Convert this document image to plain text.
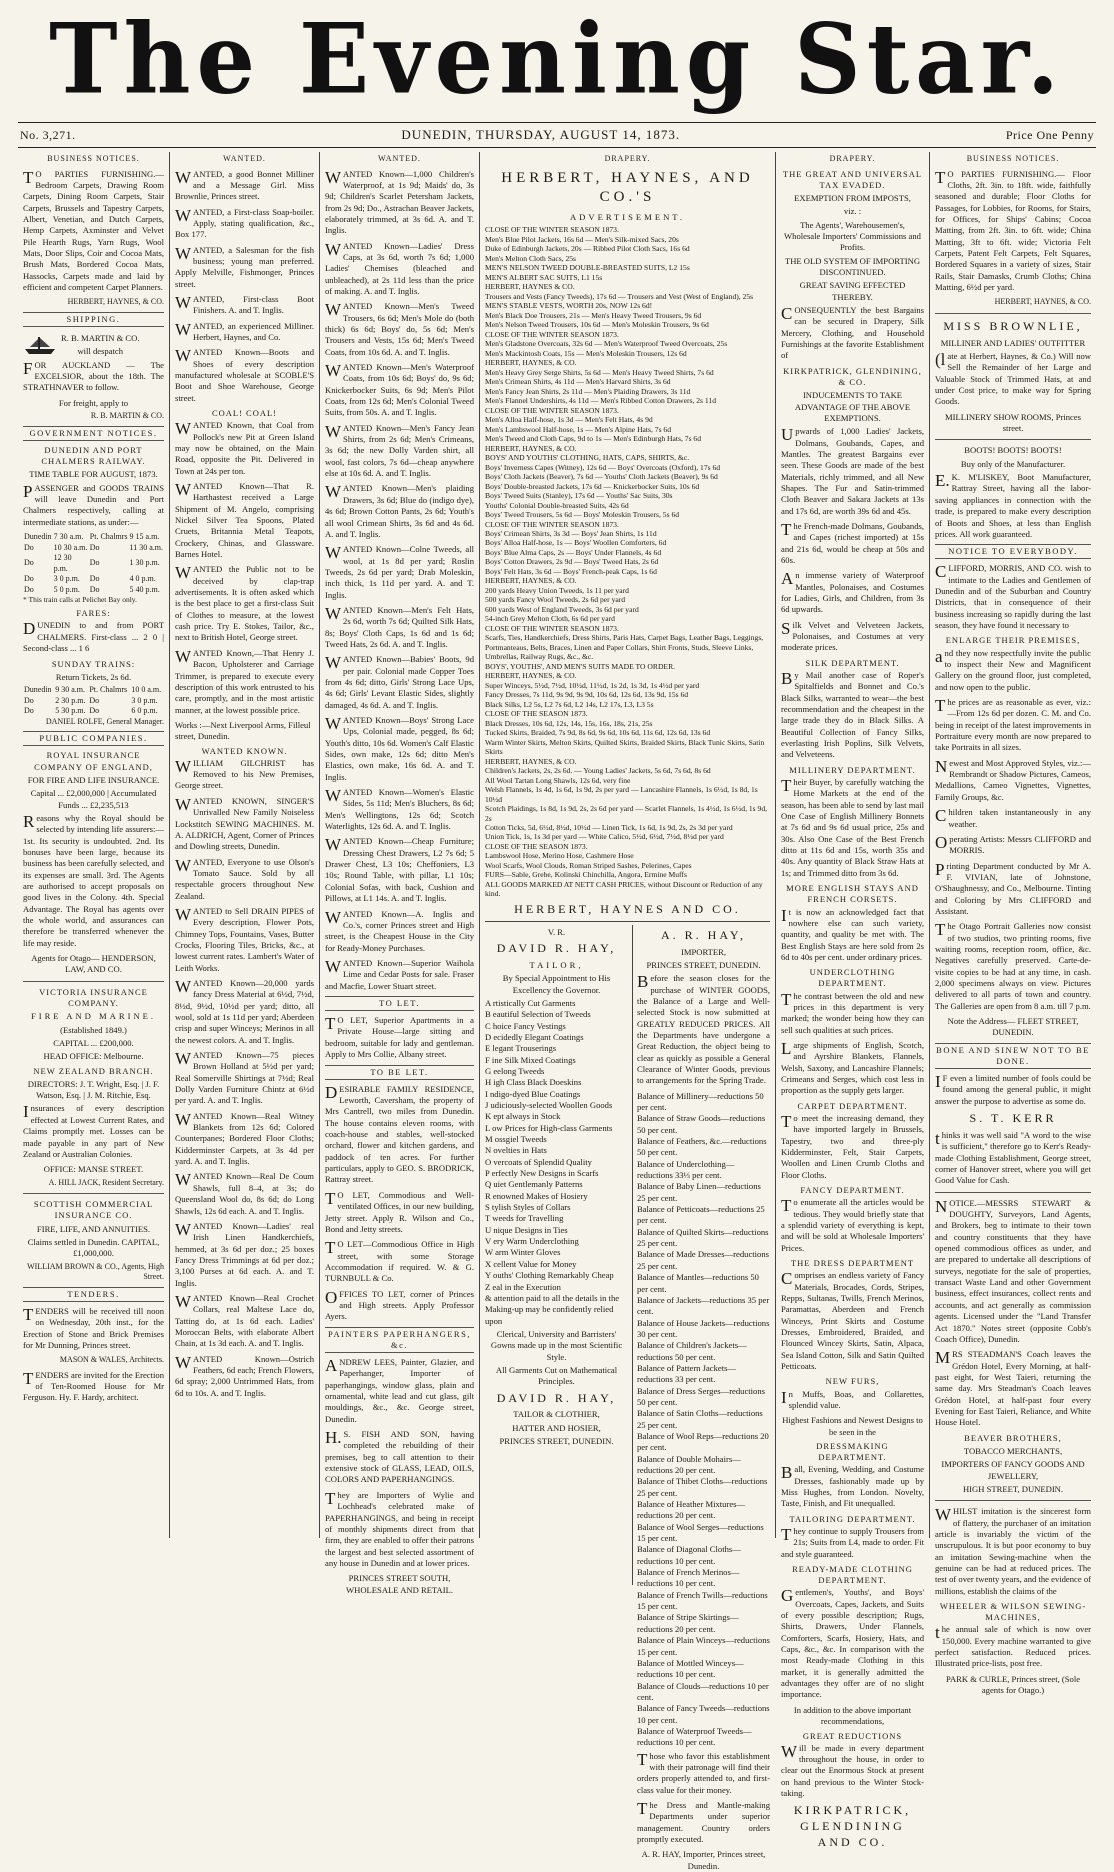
The Evening Star.
No. 3,271.	DUNEDIN, THURSDAY, AUGUST 14, 1873.	Price One Penny
BUSINESS NOTICES.

TO PARTIES FURNISHING.— Bedroom Carpets, Drawing Room Carpets, Dining Room Carpets, Stair Carpets, Brussels and Tapestry Carpets, Albert, Venetian, and Dutch Carpets, Hemp Carpets, Axminster and Velvet Pile Hearth Rugs, Yarn Rugs, Wool Mats, Door Slips, Coir and Cocoa Mats, Brush Mats, Bordered Cocoa Mats, Hassocks, Carpets made and laid by efficient and competent Carpet Planners.

HERBERT, HAYNES, & CO.
SHIPPING.
R. B. MARTIN & CO.
will despatch

FOR AUCKLAND — The EXCELSIOR, about the 18th. The STRATHNAVER to follow.

For freight, apply to
R. B. MARTIN & CO.
GOVERNMENT NOTICES.
DUNEDIN AND PORT CHALMERS RAILWAY.
TIME TABLE FOR AUGUST, 1873.

PASSENGER and GOODS TRAINS will leave Dunedin and Port Chalmers respectively, calling at intermediate stations, as under:—

Dunedin	7 30 a.m.	Pt. Chalmrs	9 15 a.m.
Do	10 30 a.m.	Do	11 30 a.m.
Do	12 30 p.m.	Do	1 30 p.m.
Do	3 0 p.m.	Do	4 0 p.m.
Do	5 0 p.m.	Do	5 40 p.m.
* This train calls at Pelichet Bay only.
FARES:

DUNEDIN to and from PORT CHALMERS. First-class ... 2 0 | Second-class ... 1 6

SUNDAY TRAINS:
Return Tickets, 2s 6d.
Dunedin	9 30 a.m.	Pt. Chalmrs	10 0 a.m.
Do	2 30 p.m.	Do	3 0 p.m.
Do	5 30 p.m.	Do	6 0 p.m.
DANIEL ROLFE, General Manager.
PUBLIC COMPANIES.
ROYAL INSURANCE COMPANY OF ENGLAND,
FOR FIRE AND LIFE INSURANCE.
Capital ... £2,000,000 | Accumulated Funds ... £2,235,513

Reasons why the Royal should be selected by intending life assurers:— 1st. Its security is undoubted. 2nd. Its bonuses have been large, because its business has been carefully selected, and its expenses are small. 3rd. The Agents are authorised to accept proposals on good lives in the Colony. 4th. Special Advantage. The Royal has agents over the whole world, and assurances can therefore be transferred whenever the life may reside.

Agents for Otago— HENDERSON, LAW, AND CO.
VICTORIA INSURANCE COMPANY.
FIRE AND MARINE.
(Established 1849.)
CAPITAL ... £200,000.
HEAD OFFICE: Melbourne.
NEW ZEALAND BRANCH.
DIRECTORS: J. T. Wright, Esq. | J. F. Watson, Esq. | J. M. Ritchie, Esq.

Insurances of every description effected at Lowest Current Rates, and Claims promptly met. Losses can be made payable in any part of New Zealand or Australian Colonies.

OFFICE: MANSE STREET.
A. HILL JACK, Resident Secretary.
SCOTTISH COMMERCIAL INSURANCE CO.
FIRE, LIFE, AND ANNUITIES.
Claims settled in Dunedin. CAPITAL, £1,000,000.
WILLIAM BROWN & CO., Agents, High Street.
TENDERS.

TENDERS will be received till noon on Wednesday, 20th inst., for the Erection of Stone and Brick Premises for Mr Dunning, Princes street.

MASON & WALES, Architects.

TENDERS are invited for the Erection of Ten-Roomed House for Mr Ferguson. Hy. F. Hardy, architect.

WANTED.

WANTED, a good Bonnet Milliner and a Message Girl. Miss Brownlie, Princes street.

WANTED, a First-class Soap-boiler. Apply, stating qualification, &c., Box 177.

WANTED, a Salesman for the fish business; young man preferred. Apply Melville, Fishmonger, Princes street.

WANTED, First-class Boot Finishers. A. and T. Inglis.

WANTED, an experienced Milliner. Herbert, Haynes, and Co.

WANTED Known—Boots and Shoes of every description manufactured wholesale at SCOBLE'S Boot and Shoe Warehouse, George street.

COAL! COAL!

WANTED Known, that Coal from Pollock's new Pit at Green Island may now be obtained, on the Main Road, opposite the Pit. Delivered in Town at 24s per ton.

WANTED Known—That R. Harthastest received a Large Shipment of M. Angelo, comprising Nickel Silver Tea Spoons, Plated Cruets, Britannia Metal Teapots, Crockery, Chinas, and Glassware. Barnes Hotel.

WANTED the Public not to be deceived by clap-trap advertisements. It is often asked which is the best place to get a first-class Suit of Clothes to measure, at the lowest cash price. Try E. Stokes, Tailor, &c., next to British Hotel, George street.

WANTED Known,—That Henry J. Bacon, Upholsterer and Carriage Trimmer, is prepared to execute every description of this work entrusted to his care, promptly, and in the most artistic manner, at the lowest possible price.

Works :—Next Liverpool Arms, Filleul street, Dunedin.
WANTED KNOWN.

WILLIAM GILCHRIST has Removed to his New Premises, George street.

WANTED KNOWN, SINGER'S Unrivalled New Family Noiseless Lockstitch SEWING MACHINES. M. A. ALDRICH, Agent, Corner of Princes and Dowling streets, Dunedin.

WANTED, Everyone to use Olson's Tomato Sauce. Sold by all respectable grocers throughout New Zealand.

WANTED to Sell DRAIN PIPES of Every description, Flower Pots, Chimney Tops, Fountains, Vases, Butter Crocks, Flooring Tiles, Bricks, &c., at lowest current rates. Lambert's Water of Leith Works.

WANTED Known—20,000 yards fancy Dress Material at 6½d, 7½d, 8½d, 9½d, 10½d per yard; ditto, all wool, sold at 1s 11d per yard; Aberdeen crisp and super Winceys; Merinos in all the newest colors. A. and T. Inglis.

WANTED Known—75 pieces Brown Holland at 5½d per yard; Real Somerville Shirtings at 7½d; Real Dolly Varden Furniture Chintz at 6½d per yard. A. and T. Inglis.

WANTED Known—Real Witney Blankets from 12s 6d; Colored Counterpanes; Bordered Floor Cloths; Kidderminster Carpets, at 3s 4d per yard. A. and T. Inglis.

WANTED Known—Real De Coum Shawls, full 8–4, at 3s; do Queensland Wool do, 8s 6d; do Long Shawls, 12s 6d each. A. and T. Inglis.

WANTED Known—Ladies' real Irish Linen Handkerchiefs, hemmed, at 3s 6d per doz.; 25 boxes Fancy Dress Trimmings at 6d per doz.; 3,100 Purses at 6d each. A. and T. Inglis.

WANTED Known—Real Crochet Collars, real Maltese Lace do, Tatting do, at 1s 6d each. Ladies' Moroccan Belts, with elaborate Albert Chain, at 1s 3d each. A. and T. Inglis.

WANTED Known—Ostrich Feathers, 6d each; French Flowers, 6d spray; 2,000 Untrimmed Hats, from 6d to 10s. A. and T. Inglis.

WANTED.

WANTED Known—1,000 Children's Waterproof, at 1s 9d; Maids' do, 3s 9d; Children's Scarlet Petersham Jackets, from 2s 9d; Do., Astrachan Beaver Jackets, elaborately trimmed, at 3s 6d. A. and T. Inglis.

WANTED Known—Ladies' Dress Caps, at 3s 6d, worth 7s 6d; 1,000 Ladies' Chemises (bleached and unbleached), at 2s 11d less than the price of making. A. and T. Inglis.

WANTED Known—Men's Tweed Trousers, 6s 6d; Men's Mole do (both thick) 6s 6d; Boys' do, 5s 6d; Men's Trousers and Vests, 15s 6d; Men's Tweed Coats, from 10s 6d. A. and T. Inglis.

WANTED Known—Men's Waterproof Coats, from 10s 6d; Boys' do, 9s 6d; Knickerbocker Suits, 6s 9d; Men's Pilot Coats, from 12s 6d; Men's Colonial Tweed Suits, from 50s. A. and T. Inglis.

WANTED Known—Men's Fancy Jean Shirts, from 2s 6d; Men's Crimeans, 3s 6d; the new Dolly Varden shirt, all wool, fast colors, 7s 6d—cheap anywhere else at 10s 6d. A. and T. Inglis.

WANTED Known—Men's plaiding Drawers, 3s 6d; Blue do (indigo dye), 4s 6d; Brown Cotton Pants, 2s 6d; Youth's all wool Crimean Shirts, 3s 6d and 4s 6d. A. and T. Inglis.

WANTED Known—Colne Tweeds, all wool, at 1s 8d per yard; Roslin Tweeds, 2s 6d per yard; Drab Moleskin, inch thick, 1s 11d per yard. A. and T. Inglis.

WANTED Known—Men's Felt Hats, 2s 6d, worth 7s 6d; Quilted Silk Hats, 8s; Boys' Cloth Caps, 1s 6d and 1s 6d; Tweed Hats, 2s 6d. A. and T. Inglis.

WANTED Known—Babies' Boots, 9d per pair. Colonial made Copper Toes from 4s 6d; ditto, Girls' Strong Lace Ups, 4s 6d; Girls' Levant Elastic Sides, slightly damaged, 4s 6d. A. and T. Inglis.

WANTED Known—Boys' Strong Lace Ups, Colonial made, pegged, 8s 6d; Youth's ditto, 10s 6d. Women's Calf Elastic Sides, own make, 12s 6d; ditto Men's Elastics, own make, 16s 6d. A. and T. Inglis.

WANTED Known—Women's Elastic Sides, 5s 11d; Men's Bluchers, 8s 6d; Men's Wellingtons, 12s 6d; Scotch Waterlights, 12s 6d. A. and T. Inglis.

WANTED Known—Cheap Furniture; Dressing Chest Drawers, L2 7s 6d; 5 Drawer Chest, L3 10s; Cheffoniers, L3 10s; Round Table, with pillar, L1 10s; Colonial Sofas, with back, Cushion and Pillows, at L1 14s. A. and T. Inglis.

WANTED Known—A. Inglis and Co.'s, corner Princes street and High street, is the Cheapest House in the City for Ready-Money Purchases.

WANTED Known—Superior Waihola Lime and Cedar Posts for sale. Fraser and Macfie, Lower Stuart street.

TO LET.

TO LET, Superior Apartments in a Private House—large sitting and bedroom, suitable for lady and gentleman. Apply to Mrs Collie, Albany street.

TO BE LET.

DESIRABLE FAMILY RESIDENCE, Leworth, Caversham, the property of Mrs Cantrell, two miles from Dunedin. The house contains eleven rooms, with coach-house and stables, well-stocked orchard, flower and kitchen gardens, and paddock of ten acres. For further particulars, apply to GEO. S. BRODRICK, Rattray street.

TO LET, Commodious and Well-ventilated Offices, in our new building, Jetty street. Apply R. Wilson and Co., Bond and Jetty streets.

TO LET—Commodious Office in High street, with some Storage Accommodation if required. W. & G. TURNBULL & Co.

OFFICES TO LET, corner of Princes and High streets. Apply Professor Ayers.

PAINTERS PAPERHANGERS, &c.

ANDREW LEES, Painter, Glazier, and Paperhanger, Importer of paperhangings, window glass, plain and ornamental, white lead and cut glass, gilt mouldings, &c., &c. George street, Dunedin.

H.S. FISH AND SON, having completed the rebuilding of their premises, beg to call attention to their extensive stock of GLASS, LEAD, OILS, COLORS AND PAPERHANGINGS.

They are Importers of Wylie and Lochhead's celebrated make of PAPERHANGINGS, and being in receipt of monthly shipments direct from that firm, they are enabled to offer their patrons the largest and best selected assortment of any house in Dunedin and at lower prices.

PRINCES STREET SOUTH, WHOLESALE AND RETAIL.
DRAPERY.
HERBERT, HAYNES, AND CO.'S
ADVERTISEMENT.
CLOSE OF THE WINTER SEASON 1873.
Men's Blue Pilot Jackets, 16s 6d — Men's Silk-mixed Sacs, 20s
Duke of Edinburgh Jackets, 20s — Ribbed Pilot Cloth Sacs, 16s 6d
Men's Melton Cloth Sacs, 25s
MEN'S NELSON TWEED DOUBLE-BREASTED SUITS, L2 15s
MEN'S ALBERT SAC SUITS, L1 15s
HERBERT, HAYNES & CO.
Trousers and Vests (Fancy Tweeds), 17s 6d — Trousers and Vest (West of England), 25s
MEN'S STABLE VESTS, WORTH 20s, NOW 12s 6d!
Men's Black Doe Trousers, 21s — Men's Heavy Tweed Trousers, 9s 6d
Men's Nelson Tweed Trousers, 10s 6d — Men's Moleskin Trousers, 9s 6d
CLOSE OF THE WINTER SEASON 1873.
Men's Gladstone Overcoats, 32s 6d — Men's Waterproof Tweed Overcoats, 25s
Men's Mackintosh Coats, 15s — Men's Moleskin Trousers, 12s 6d
HERBERT, HAYNES, & CO.
Men's Heavy Grey Serge Shirts, 5s 6d — Men's Heavy Tweed Shirts, 7s 6d
Men's Crimean Shirts, 4s 11d — Men's Harvard Shirts, 3s 6d
Men's Fancy Jean Shirts, 2s 11d — Men's Plaiding Drawers, 3s 11d
Men's Flannel Undershirts, 4s 11d — Men's Ribbed Cotton Drawers, 2s 11d
CLOSE OF THE WINTER SEASON 1873.
Men's Alloa Half-hose, 1s 3d — Men's Felt Hats, 4s 9d
Men's Lambswool Half-hose, 1s — Men's Alpine Hats, 7s 6d
Men's Tweed and Cloth Caps, 9d to 1s — Men's Edinburgh Hats, 7s 6d
HERBERT, HAYNES, & CO.
BOYS' AND YOUTHS' CLOTHING, HATS, CAPS, SHIRTS, &c.
Boys' Inverness Capes (Witney), 12s 6d — Boys' Overcoats (Oxford), 17s 6d
Boys' Cloth Jackets (Beaver), 7s 6d — Youths' Cloth Jackets (Beaver), 9s 6d
Boys' Double-breasted Jackets, 17s 6d — Knickerbocker Suits, 10s 6d
Boys' Tweed Suits (Stanley), 17s 6d — Youths' Sac Suits, 30s
Youths' Colonial Double-breasted Suits, 42s 6d
Boys' Tweed Trousers, 5s 6d — Boys' Moleskin Trousers, 5s 6d
CLOSE OF THE WINTER SEASON 1873.
Boys' Crimean Shirts, 3s 3d — Boys' Jean Shirts, 1s 11d
Boys' Alloa Half-hose, 1s — Boys' Woollen Comforters, 6d
Boys' Blue Alma Caps, 2s — Boys' Under Flannels, 4s 6d
Boys' Cotton Drawers, 2s 9d — Boys' Tweed Hats, 2s 6d
Boys' Felt Hats, 3s 6d — Boys' French-peak Caps, 1s 6d
HERBERT, HAYNES, & CO.
200 yards Heavy Union Tweeds, 1s 11 per yard
500 yards Fancy Wool Tweeds, 2s 6d per yard
600 yards West of England Tweeds, 3s 6d per yard
54-inch Grey Melton Cloth, 6s 6d per yard
CLOSE OF THE WINTER SEASON 1873.
Scarfs, Ties, Handkerchiefs, Dress Shirts, Paris Hats, Carpet Bags, Leather Bags, Leggings, Portmanteaus, Belts, Braces, Linen and Paper Collars, Shirt Fronts, Studs, Sleeve Links, Umbrellas, Railway Rugs, &c., &c.
BOYS', YOUTHS', AND MEN'S SUITS MADE TO ORDER.
HERBERT, HAYNES, & CO.
Super Winceys, 5½d, 7½d, 10½d, 11½d, 1s 2d, 1s 3d, 1s 4½d per yard
Fancy Dresses, 7s 11d, 9s 9d, 9s 9d, 10s 6d, 12s 6d, 13s 9d, 15s 6d
Black Silks, L2 5s, L2 7s 6d, L2 14s, L2 17s, L3, L3 5s
CLOSE OF THE SEASON 1873.
Black Dresses, 10s 6d, 12s, 14s, 15s, 16s, 18s, 21s, 25s
Tucked Skirts, Braided, 7s 9d, 8s 6d, 9s 6d, 10s 6d, 11s 6d, 12s 6d, 13s 6d
Warm Winter Skirts, Melton Skirts, Quilted Skirts, Braided Skirts, Black Tunic Skirts, Satin Skirts
HERBERT, HAYNES, & CO.
Children's Jackets, 2s, 2s 6d. — Young Ladies' Jackets, 5s 6d, 7s 6d, 8s 6d
All Wool Tartan Long Shawls, 12s 6d, very fine
Welsh Flannels, 1s 4d, 1s 6d, 1s 9d, 2s per yard — Lancashire Flannels, 1s 6½d, 1s 8d, 1s 10½d
Scotch Plaidings, 1s 8d, 1s 9d, 2s, 2s 6d per yard — Scarlet Flannels, 1s 4½d, 1s 6½d, 1s 9d, 2s
Cotton Ticks, 5d, 6½d, 8½d, 10½d — Linen Tick, 1s 6d, 1s 9d, 2s, 2s 3d per yard
Union Tick, 1s, 1s 3d per yard — White Calico, 5½d, 6½d, 7½d, 8½d per yard
CLOSE OF THE SEASON 1873.
Lambswool Hose, Merino Hose, Cashmere Hose
Wool Scarfs, Wool Clouds, Roman Striped Sashes, Pelerines, Capes
FURS—Sable, Grebe, Kolinski Chinchilla, Angora, Ermine Muffs
ALL GOODS MARKED AT NETT CASH PRICES, without Discount or Reduction of any kind.
HERBERT, HAYNES AND CO.
V. R.
DAVID R. HAY,
TAILOR,

By Special Appointment to His Excellency the Governor.

A rtistically Cut Garments
B eautiful Selection of Tweeds
C hoice Fancy Vestings
D ecidedly Elegant Coatings
E legant Trouserings
F ine Silk Mixed Coatings
G eelong Tweeds
H igh Class Black Doeskins
I ndigo-dyed Blue Coatings
J udiciously-selected Woollen Goods
K ept always in Stock
L ow Prices for High-class Garments
M ossgiel Tweeds
N ovelties in Hats
O vercoats of Splendid Quality
P erfectly New Designs in Scarfs
Q uiet Gentlemanly Patterns
R enowned Makes of Hosiery
S tylish Styles of Collars
T weeds for Travelling
U nique Designs in Ties
V ery Warm Underclothing
W arm Winter Gloves
X cellent Value for Money
Y ouths' Clothing Remarkably Cheap
Z eal in the Execution
& attention paid to all the details in the Making-up may be confidently relied upon

Clerical, University and Barristers' Gowns made up in the most Scientific Style.

All Garments Cut on Mathematical Principles.

DAVID R. HAY,
TAILOR & CLOTHIER,
HATTER AND HOSIER,
PRINCES STREET, DUNEDIN.
A. R. HAY,
IMPORTER,
PRINCES STREET, DUNEDIN.

Before the season closes for the purchase of WINTER GOODS, the Balance of a Large and Well-selected Stock is now submitted at GREATLY REDUCED PRICES. All the Departments have undergone a Great Reduction, the object being to clear as quickly as possible a General Clearance of Winter Goods, previous to arrangements for the Spring Trade.

Balance of Millinery—reductions 50 per cent.
Balance of Straw Goods—reductions 50 per cent.
Balance of Feathers, &c.—reductions 50 per cent.
Balance of Underclothing—reductions 33⅓ per cent.
Balance of Baby Linen—reductions 25 per cent.
Balance of Petticoats—reductions 25 per cent.
Balance of Quilted Skirts—reductions 25 per cent.
Balance of Made Dresses—reductions 25 per cent.
Balance of Mantles—reductions 50 per cent.
Balance of Jackets—reductions 35 per cent.
Balance of House Jackets—reductions 30 per cent.
Balance of Children's Jackets—reductions 50 per cent.
Balance of Pattern Jackets—reductions 33 per cent.
Balance of Dress Serges—reductions 50 per cent.
Balance of Satin Cloths—reductions 25 per cent.
Balance of Wool Reps—reductions 20 per cent.
Balance of Double Mohairs—reductions 20 per cent.
Balance of Thibet Cloths—reductions 25 per cent.
Balance of Heather Mixtures—reductions 20 per cent.
Balance of Wool Serges—reductions 15 per cent.
Balance of Diagonal Cloths—reductions 10 per cent.
Balance of French Merinos—reductions 10 per cent.
Balance of French Twills—reductions 15 per cent.
Balance of Stripe Skirtings—reductions 20 per cent.
Balance of Plain Winceys—reductions 15 per cent.
Balance of Mottled Winceys—reductions 10 per cent.
Balance of Clouds—reductions 10 per cent.
Balance of Fancy Tweeds—reductions 10 per cent.
Balance of Waterproof Tweeds—reductions 10 per cent.

Those who favor this establishment with their patronage will find their orders properly attended to, and first-class value for their money.

The Dress and Mantle-making Departments under superior management. Country orders promptly executed.

A. R. HAY, Importer, Princes street, Dunedin.
DRAPERY.
THE GREAT AND UNIVERSAL TAX EVADED.
EXEMPTION FROM IMPOSTS,
viz. :

The Agents', Warehousemen's, Wholesale Importers' Commissions and Profits.

THE OLD SYSTEM OF IMPORTING DISCONTINUED.
GREAT SAVING EFFECTED THEREBY.

CONSEQUENTLY the best Bargains can be secured in Drapery, Silk Mercery, Clothing, and Household Furnishings at the favorite Establishment of

KIRKPATRICK, GLENDINING, & CO.
INDUCEMENTS TO TAKE ADVANTAGE OF THE ABOVE EXEMPTIONS.

Upwards of 1,000 Ladies' Jackets, Dolmans, Goubands, Capes, and Mantles. The greatest Bargains ever seen. These Goods are made of the best Materials, richly trimmed, and all New Shapes. The Fur and Satin-trimmed Cloth Beaver and Sakara Jackets at 13s and 17s 6d, are worth 39s 6d and 45s.

The French-made Dolmans, Goubands, and Capes (richest imported) at 15s and 21s 6d, would be cheap at 50s and 60s.

An immense variety of Waterproof Mantles, Polonaises, and Costumes for Ladies, Girls, and Children, from 3s 6d upwards.

Silk Velvet and Velveteen Jackets, Polonaises, and Costumes at very moderate prices.

SILK DEPARTMENT.

By Mail another case of Roper's Spitalfields and Bonnet and Co.'s Black Silks, warranted to wear—the best recommendation and the cheapest in the large trade they do in Black Silks. A Beautiful Collection of Fancy Silks, everlasting Irish Poplins, Silk Velvets, and Velveteens.

MILLINERY DEPARTMENT.

Their Buyer, by carefully watching the Home Markets at the end of the season, has been able to send by last mail One Case of English Millinery Bonnets at 7s 6d and 9s 6d usual price, 25s and 30s. Also One Case of the Best French ditto at 11s 6d and 15s, worth 35s and 40s. Any quantity of Black Straw Hats at 1s; and Trimmed ditto from 3s 6d.

MORE ENGLISH STAYS AND FRENCH CORSETS.

It is now an acknowledged fact that nowhere else can such variety, quantity, and quality be met with. The Best English Stays are here sold from 2s 6d to 40s per cent. under ordinary prices.

UNDERCLOTHING DEPARTMENT.

The contrast between the old and new prices in this department is very marked; the wonder being how they can sell such qualities at such prices.

Large shipments of English, Scotch, and Ayrshire Blankets, Flannels, Welsh, Saxony, and Lancashire Flannels; Crimeans and Serges, which cost less in proportion as the supply gets larger.

CARPET DEPARTMENT.

To meet the increasing demand, they have imported largely in Brussels, Tapestry, two and three-ply Kidderminster, Felt, Stair Carpets, Woollen and Linen Crumb Cloths and Floor Cloths.

FANCY DEPARTMENT.

To enumerate all the articles would be tedious. They would briefly state that a splendid variety of everything is kept, and will be sold at Wholesale Importers' Prices.

THE DRESS DEPARTMENT

Comprises an endless variety of Fancy Materials, Brocades, Cords, Stripes, Repps, Sultanas, Twills, French Merinos, Paramattas, Aberdeen and French Winceys, Print Skirts and Costume Dresses, Embroidered, Braided, and Flounced Wincey Skirts, Satin, Alpaca, Sea Island Cotton, Silk and Satin Quilted Petticoats.

NEW FURS,

In Muffs, Boas, and Collarettes, splendid value.

Highest Fashions and Newest Designs to be seen in the
DRESSMAKING DEPARTMENT.

Ball, Evening, Wedding, and Costume Dresses, fashionably made up by Miss Hughes, from London. Novelty, Taste, Finish, and Fit unequalled.

TAILORING DEPARTMENT.

They continue to supply Trousers from 21s; Suits from L4, made to order. Fit and style guaranteed.

READY-MADE CLOTHING DEPARTMENT.

Gentlemen's, Youths', and Boys' Overcoats, Capes, Jackets, and Suits of every possible description; Rugs, Shirts, Drawers, Under Flannels, Comforters, Scarfs, Hosiery, Hats, and Caps, &c., &c. In comparison with the most Ready-made Clothing in this market, it is generally admitted the advantages they offer are of no slight importance.

In addition to the above important recommendations,
GREAT REDUCTIONS

Will be made in every department throughout the house, in order to clear out the Enormous Stock at present on hand previous to the Winter Stock-taking.

KIRKPATRICK, GLENDINING AND CO.
BUSINESS NOTICES.

TO PARTIES FURNISHING.— Floor Cloths, 2ft. 3in. to 18ft. wide, faithfully seasoned and durable; Floor Cloths for Passages, for Lobbies, for Rooms, for Stairs, for Offices, for Ships' Cabins; Cocoa Matting, from 2ft. 3in. to 6ft. wide; China Matting, 3ft to 6ft. wide; Victoria Felt Carpets, Patent Felt Carpets, Felt Squares, Bordered Squares in a variety of sizes, Stair Rails, Stair Damasks, Crumb Cloths; China Matting, 6½d per yard.

HERBERT, HAYNES, & CO.
MISS BROWNLIE,
MILLINER AND LADIES' OUTFITTER

(late at Herbert, Haynes, & Co.) Will now Sell the Remainder of her Large and Valuable Stock of Trimmed Hats, at and under Cost price, to make way for Spring Goods.

MILLINERY SHOW ROOMS, Princes street.
BOOTS! BOOTS! BOOTS!
Buy only of the Manufacturer.

E.K. M'LISKEY, Boot Manufacturer, Rattray Street, having all the labor-saving appliances in connection with the trade, is prepared to make every description of Boots and Shoes, at less than English prices. All work guaranteed.

NOTICE TO EVERYBODY.

CLIFFORD, MORRIS, AND CO. wish to intimate to the Ladies and Gentlemen of Dunedin and of the Suburban and Country Districts, that in consequence of their business increasing so rapidly during the last season, they have found it necessary to

ENLARGE THEIR PREMISES,

and they now respectfully invite the public to inspect their New and Magnificent Gallery on the ground floor, just completed, and now open to the public.

The prices are as reasonable as ever, viz.: —From 12s 6d per dozen. C. M. and Co. being in receipt of the latest improvements in Portraiture every month are now prepared to take Portraits in all sizes.

Newest and Most Approved Styles, viz.:—Rembrandt or Shadow Pictures, Cameos, Medallions, Cameo Vignettes, Vignettes, Family Groups, &c.

Children taken instantaneously in any weather.

Operating Artists: Messrs CLIFFORD and MORRIS.

Printing Department conducted by Mr A. F. VIVIAN, late of Johnstone, O'Shaughnessy, and Co., Melbourne. Tinting and Coloring by Mrs CLIFFORD and Assistant.

The Otago Portrait Galleries now consist of two studios, two printing rooms, five waiting rooms, reception room, office, &c. Negatives carefully preserved. Carte-de-visite copies to be had at any time, in cash. 2,000 specimens always on view. Pictures delivered to all parts of town and country. The Galleries are open from 8 a.m. till 7 p.m.

Note the Address— FLEET STREET, DUNEDIN.
BONE AND SINEW NOT TO BE DONE.

IF even a limited number of fools could be found among the general public, it might answer the purpose to advertise as some do.

S. T. KERR

thinks it was well said "A word to the wise is sufficient," therefore go to Kerr's Ready-made Clothing Establishment, George street, corner of Hanover street, where you will get Good Value for Cash.

NOTICE.—MESSRS STEWART & DOUGHTY, Surveyors, Land Agents, and Brokers, beg to intimate to their town and country constituents that they have opened commodious offices as under, and are prepared to undertake all descriptions of surveys, negotiate for the sale of properties, transact Waste Land and other Government business, effect insurances, collect rents and accounts, and act generally as commission agents. Licensed under the "Land Transfer Act 1870." Notes street (opposite Cobb's Coach Office), Dunedin.

MRS STEADMAN'S Coach leaves the Grédon Hotel, Every Morning, at half-past eight, for West Taieri, returning the same day. Mrs Steadman's Coach leaves Grédon Hotel, at half-past four every Evening for East Taieri, Reliance, and White House Hotel.

BEAVER BROTHERS,
TOBACCO MERCHANTS,
IMPORTERS OF FANCY GOODS AND JEWELLERY,
HIGH STREET, DUNEDIN.

WHILST imitation is the sincerest form of flattery, the purchaser of an imitation article is invariably the victim of the unscrupulous. It is but poor economy to buy an imitation Sewing-machine when the genuine can be had at reduced prices. The test of over twenty years, and the evidence of millions, establish the claims of the

WHEELER & WILSON SEWING-MACHINES,

the annual sale of which is now over 150,000. Every machine warranted to give perfect satisfaction. Reduced prices. Illustrated price-lists, post free.

PARK & CURLE, Princes street, (Sole agents for Otago.)
